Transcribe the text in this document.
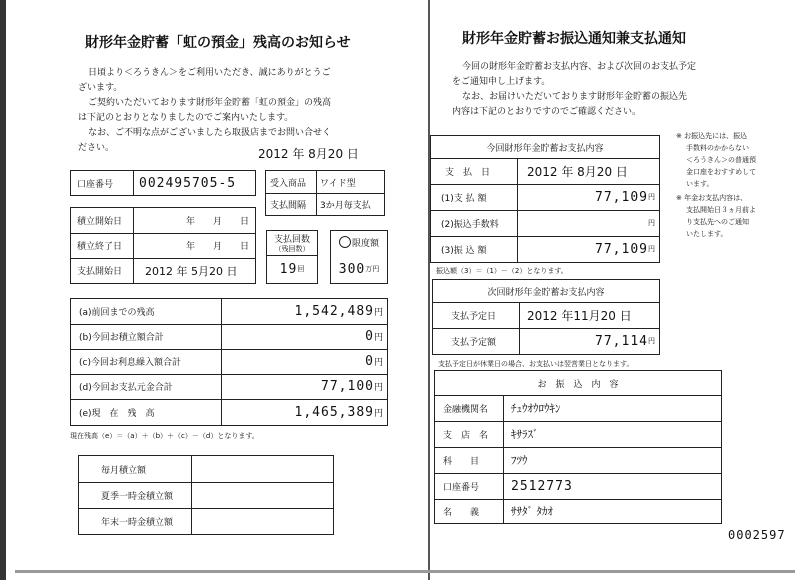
財形年金貯蓄「虹の預金」残高のお知らせ
日頃より＜ろうきん＞をご利用いただき、誠にありがとうご
ざいます。
ご契約いただいております財形年金貯蓄「虹の預金」の残高
は下記のとおりとなりましたのでご案内いたします。
なお、ご不明な点がございましたら取扱店までお問い合せく
ださい。	2012 年 8月20 日
口座番号 002495705-5	受入商品 ワイド型
支払間隔 3か月毎支払
積立開始日	年　　月　　日
積立終了日	年　　月　　日
支払開始日 2012 年 5月20 日
支払回数
（残回数）
19 回
限度額
300 万円
(a)前回までの残高	1,542,489 円
(b)今回お積立額合計	0 円
(c)今回お利息繰入額合計	0 円
(d)今回お支払元金合計	77,100 円
(e)現　在　残　高	1,465,389 円
現在残高（e）＝（a）＋（b）＋（c）－（d）となります。
毎月積立額
夏季一時金積立額
年末一時金積立額
財形年金貯蓄お振込通知兼支払通知
今回の財形年金貯蓄お支払内容、および次回のお支払予定
をご通知申し上げます。
なお、お届けいただいております財形年金貯蓄の振込先
内容は下記のとおりですのでご確認ください。
今回財形年金貯蓄お支払内容
支　払　日	2012 年 8月20 日
(1)支 払 額	77,109 円
(2)振込手数料	円
(3)振 込 額	77,109 円
振込額（3）＝（1）－（2）となります。
次回財形年金貯蓄お支払内容
支払予定日	2012 年11月20 日
支払予定額	77,114 円
支払予定日が休業日の場合、お支払いは翌営業日となります。
※ お振込先には、振込
手数料のかからない
＜ろうきん＞の普通預
金口座をおすすめして
います。
※ 年金お支払内容は、
支払開始日３ヵ月前よ
り支払先へのご通知
いたします。
お　振　込　内　容
金融機関名 ﾁｭｳｵｳﾛｳｷﾝ
支　店　名 ｷｻﾗｽﾞ
科　　目	ﾌﾂｳ
口座番号 2512773
名　　義	ｻｻﾀﾞ ﾀｶｵ
0002597
